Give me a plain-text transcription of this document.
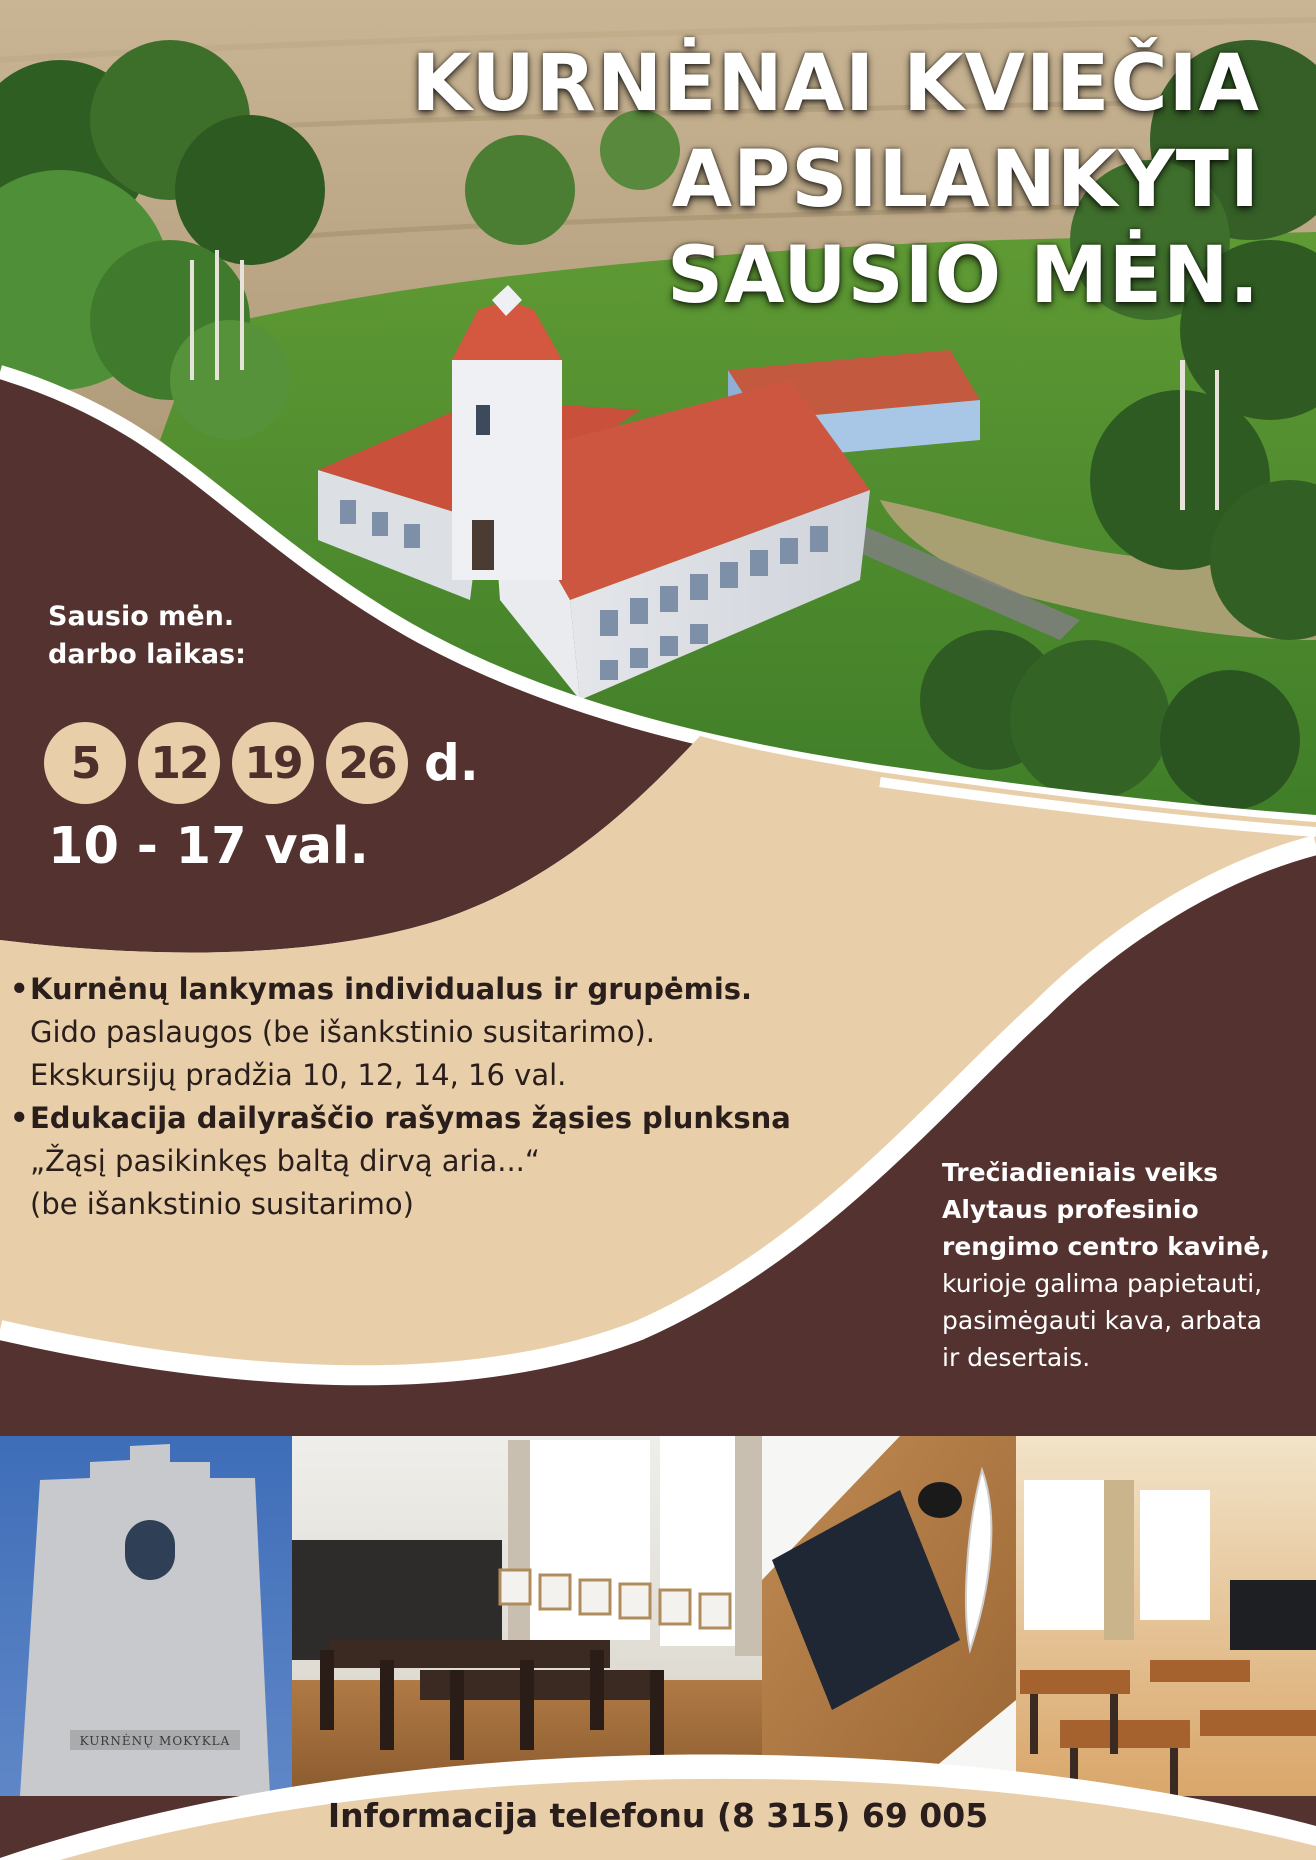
KURNĖNAI KVIEČIA
APSILANKYTI
SAUSIO MĖN.
Sausio mėn.
darbo laikas:
5	12 19 26 d.
10 - 17 val.
•Kurnėnų lankymas individualus ir grupėmis.
Gido paslaugos (be išankstinio susitarimo).
Ekskursijų pradžia 10, 12, 14, 16 val.
•Edukacija dailyraščio rašymas žąsies plunksna
„Žąsį pasikinkęs baltą dirvą aria...“
(be išankstinio susitarimo)
Trečiadieniais veiks
Alytaus profesinio
rengimo centro kavinė,
kurioje galima papietauti,
pasimėgauti kava, arbata
ir desertais.
KURNĖNŲ MOKYKLA
Informacija telefonu (8 315) 69 005
